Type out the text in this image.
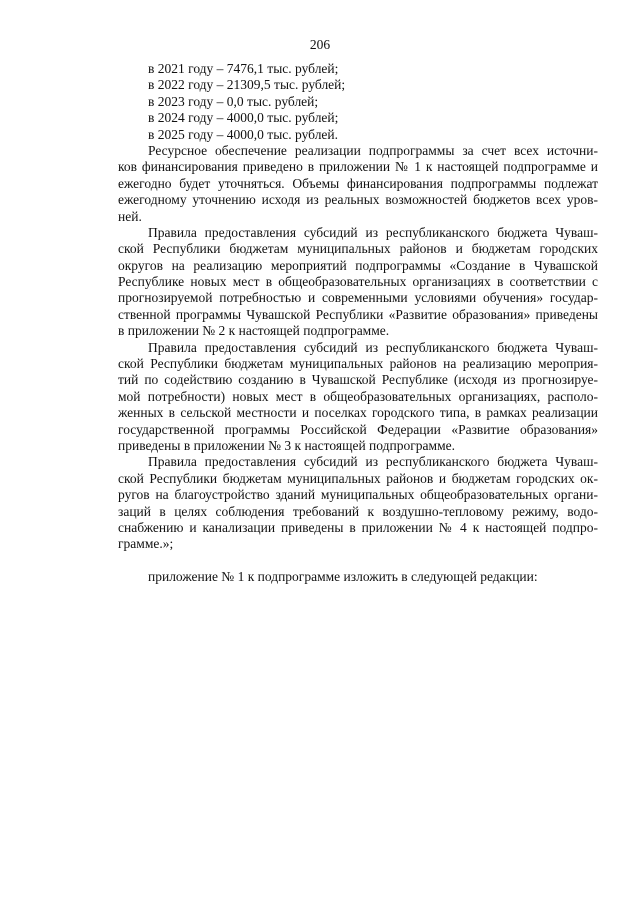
206
в 2021 году – 7476,1 тыс. рублей;
в 2022 году – 21309,5 тыс. рублей;
в 2023 году – 0,0 тыс. рублей;
в 2024 году – 4000,0 тыс. рублей;
в 2025 году – 4000,0 тыс. рублей.
Ресурсное обеспечение реализации подпрограммы за счет всех источни-
ков финансирования приведено в приложении № 1 к настоящей подпрограмме и
ежегодно будет уточняться. Объемы финансирования подпрограммы подлежат
ежегодному уточнению исходя из реальных возможностей бюджетов всех уров-
ней.
Правила предоставления субсидий из республиканского бюджета Чуваш-
ской Республики бюджетам муниципальных районов и бюджетам городских
округов на реализацию мероприятий подпрограммы «Создание в Чувашской
Республике новых мест в общеобразовательных организациях в соответствии с
прогнозируемой потребностью и современными условиями обучения» государ-
ственной программы Чувашской Республики «Развитие образования» приведены
в приложении № 2 к настоящей подпрограмме.
Правила предоставления субсидий из республиканского бюджета Чуваш-
ской Республики бюджетам муниципальных районов на реализацию мероприя-
тий по содействию созданию в Чувашской Республике (исходя из прогнозируе-
мой потребности) новых мест в общеобразовательных организациях, располо-
женных в сельской местности и поселках городского типа, в рамках реализации
государственной программы Российской Федерации «Развитие образования»
приведены в приложении № 3 к настоящей подпрограмме.
Правила предоставления субсидий из республиканского бюджета Чуваш-
ской Республики бюджетам муниципальных районов и бюджетам городских ок-
ругов на благоустройство зданий муниципальных общеобразовательных органи-
заций в целях соблюдения требований к воздушно-тепловому режиму, водо-
снабжению и канализации приведены в приложении № 4 к настоящей подпро-
грамме.»;
приложение № 1 к подпрограмме изложить в следующей редакции:
